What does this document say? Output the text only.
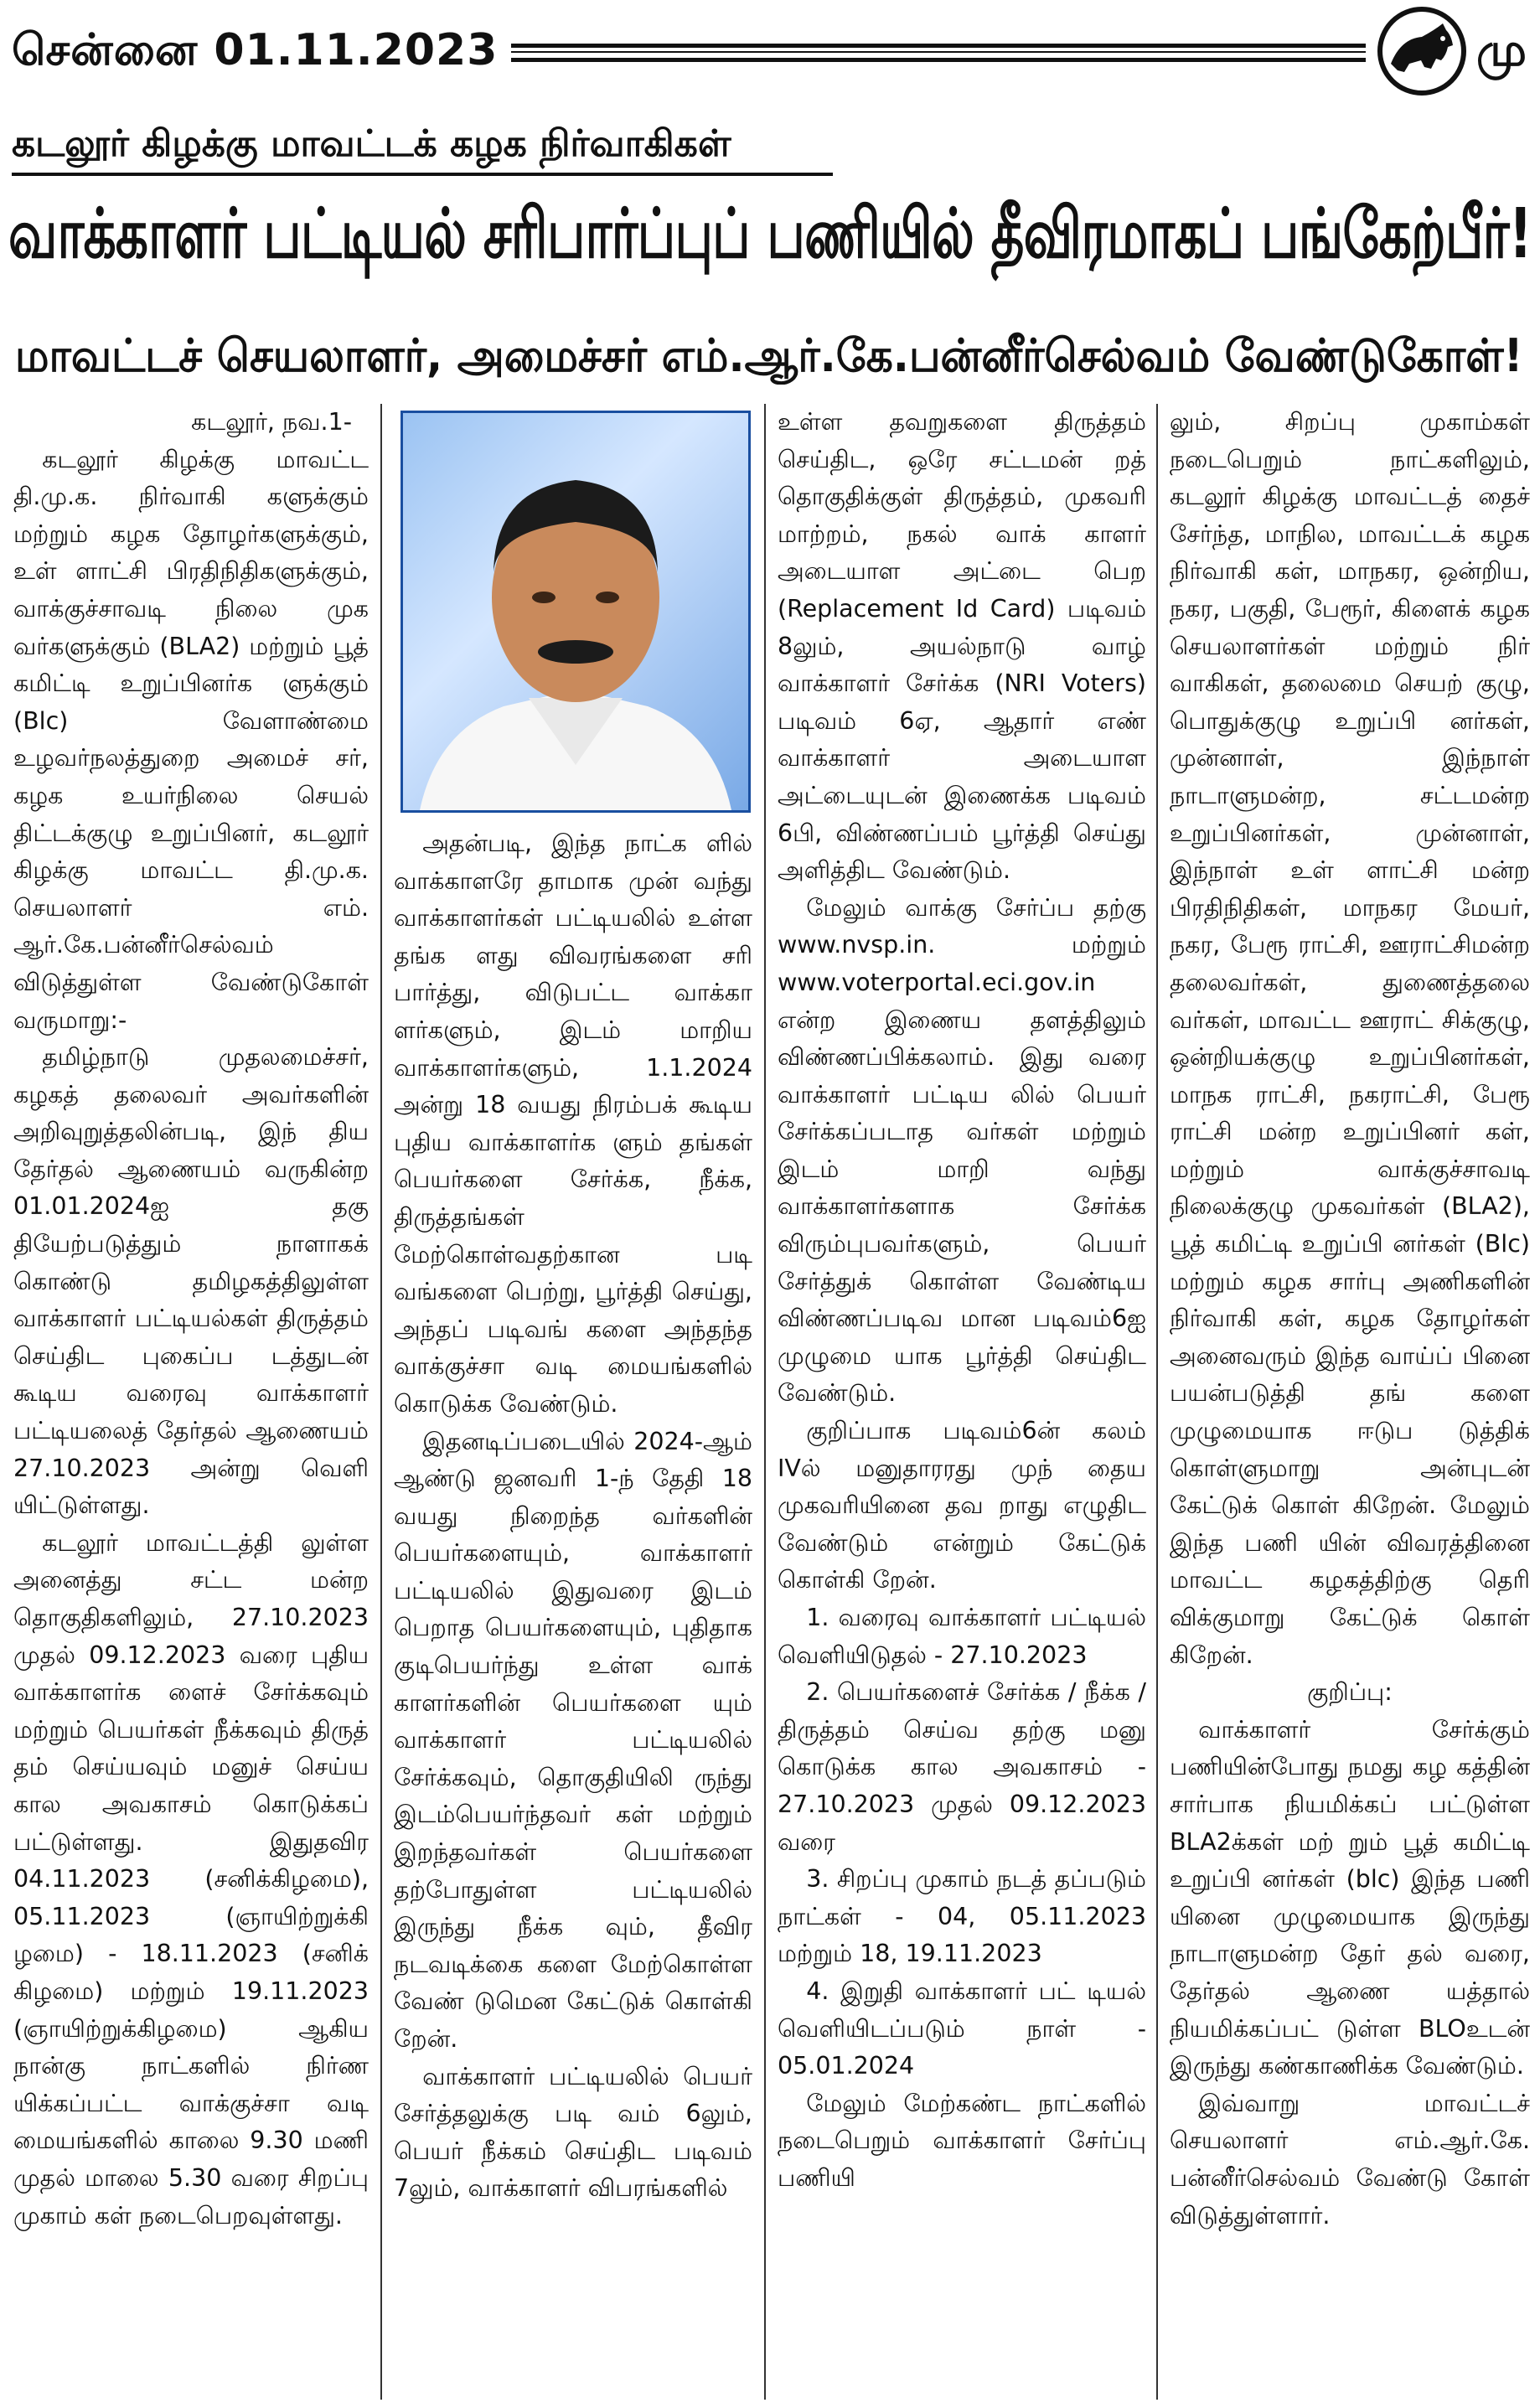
சென்னை 01.11.2023	மு
கடலூர் கிழக்கு மாவட்டக் கழக நிர்வாகிகள்
வாக்காளர் பட்டியல் சரிபார்ப்புப் பணியில் தீவிரமாகப் பங்கேற்பீர்!
மாவட்டச் செயலாளர், அமைச்சர் எம்.ஆர்.கே.பன்னீர்செல்வம் வேண்டுகோள்!

கடலூர், நவ.1-

கடலூர் கிழக்கு மாவட்ட தி.மு.க. நிர்வாகி களுக்கும் மற்றும் கழக தோழர்களுக்கும், உள் ளாட்சி பிரதிநிதிகளுக்கும், வாக்குச்சாவடி நிலை முக வர்களுக்கும் (BLA2) மற்றும் பூத் கமிட்டி உறுப்பினர்க ளுக்கும் (Blc) வேளாண்மை உழவர்நலத்துறை அமைச் சர், கழக உயர்நிலை செயல் திட்டக்குழு உறுப்பினர், கடலூர் கிழக்கு மாவட்ட தி.மு.க. செயலாளர் எம். ஆர்.கே.பன்னீர்செல்வம் விடுத்துள்ள வேண்டுகோள் வருமாறு:-

தமிழ்நாடு முதலமைச்சர், கழகத் தலைவர் அவர்களின் அறிவுறுத்தலின்படி, இந் திய தேர்தல் ஆணையம் வருகின்ற 01.01.2024ஐ தகு தியேற்படுத்தும் நாளாகக் கொண்டு தமிழகத்திலுள்ள வாக்காளர் பட்டியல்கள் திருத்தம் செய்திட புகைப்ப டத்துடன் கூடிய வரைவு வாக்காளர் பட்டியலைத் தேர்தல் ஆணையம் 27.10.2023 அன்று வெளி யிட்டுள்ளது.

கடலூர் மாவட்டத்தி லுள்ள அனைத்து சட்ட மன்ற தொகுதிகளிலும், 27.10.2023 முதல் 09.12.2023 வரை புதிய வாக்காளர்க ளைச் சேர்க்கவும் மற்றும் பெயர்கள் நீக்கவும் திருத் தம் செய்யவும் மனுச் செய்ய கால அவகாசம் கொடுக்கப் பட்டுள்ளது. இதுதவிர 04.11.2023 (சனிக்கிழமை), 05.11.2023 (ஞாயிற்றுக்கி ழமை) - 18.11.2023 (சனிக் கிழமை) மற்றும் 19.11.2023 (ஞாயிற்றுக்கிழமை) ஆகிய நான்கு நாட்களில் நிர்ண யிக்கப்பட்ட வாக்குச்சா வடி மையங்களில் காலை 9.30 மணி முதல் மாலை 5.30 வரை சிறப்பு முகாம் கள் நடைபெறவுள்ளது.

அதன்படி, இந்த நாட்க ளில் வாக்காளரே தாமாக முன் வந்து வாக்காளர்கள் பட்டியலில் உள்ள தங்க ளது விவரங்களை சரி பார்த்து, விடுபட்ட வாக்கா ளர்களும், இடம் மாறிய வாக்காளர்களும், 1.1.2024 அன்று 18 வயது நிரம்பக் கூடிய புதிய வாக்காளர்க ளும் தங்கள் பெயர்களை சேர்க்க, நீக்க, திருத்தங்கள் மேற்கொள்வதற்கான படி வங்களை பெற்று, பூர்த்தி செய்து, அந்தப் படிவங் களை அந்தந்த வாக்குச்சா வடி மையங்களில் கொடுக்க வேண்டும்.

இதனடிப்படையில் 2024-ஆம் ஆண்டு ஜனவரி 1-ந் தேதி 18 வயது நிறைந்த வர்களின் பெயர்களையும், வாக்காளர் பட்டியலில் இதுவரை இடம் பெறாத பெயர்களையும், புதிதாக குடிபெயர்ந்து உள்ள வாக் காளர்களின் பெயர்களை யும் வாக்காளர் பட்டியலில் சேர்க்கவும், தொகுதியிலி ருந்து இடம்பெயர்ந்தவர் கள் மற்றும் இறந்தவர்கள் பெயர்களை தற்போதுள்ள பட்டியலில் இருந்து நீக்க வும், தீவிர நடவடிக்கை களை மேற்கொள்ள வேண் டுமென கேட்டுக் கொள்கி றேன்.

வாக்காளர் பட்டியலில் பெயர் சேர்த்தலுக்கு படி வம் 6லும், பெயர் நீக்கம் செய்திட படிவம் 7லும், வாக்காளர் விபரங்களில்

உள்ள தவறுகளை திருத்தம் செய்திட, ஒரே சட்டமன் றத் தொகுதிக்குள் திருத்தம், முகவரி மாற்றம், நகல் வாக் காளர் அடையாள அட்டை பெற (Replacement Id Card) படிவம் 8லும், அயல்நாடு வாழ் வாக்காளர் சேர்க்க (NRI Voters) படிவம் 6ஏ, ஆதார் எண் வாக்காளர் அடையாள அட்டையுடன் இணைக்க படிவம் 6பி, விண்ணப்பம் பூர்த்தி செய்து அளித்திட வேண்டும்.

மேலும் வாக்கு சேர்ப்ப தற்கு www.nvsp.in. மற்றும் www.voterportal.eci.gov.in என்ற இணைய தளத்திலும் விண்ணப்பிக்கலாம். இது வரை வாக்காளர் பட்டிய லில் பெயர் சேர்க்கப்படாத வர்கள் மற்றும் இடம் மாறி வந்து வாக்காளர்களாக சேர்க்க விரும்புபவர்களும், பெயர் சேர்த்துக் கொள்ள வேண்டிய விண்ணப்படிவ மான படிவம்6ஐ முழுமை யாக பூர்த்தி செய்திட வேண்டும்.

குறிப்பாக படிவம்6ன் கலம் IVல் மனுதாரரது முந் தைய முகவரியினை தவ றாது எழுதிட வேண்டும் என்றும் கேட்டுக் கொள்கி றேன்.

1. வரைவு வாக்காளர் பட்டியல் வெளியிடுதல் - 27.10.2023

2. பெயர்களைச் சேர்க்க / நீக்க / திருத்தம் செய்வ தற்கு மனு கொடுக்க கால அவகாசம் - 27.10.2023 முதல் 09.12.2023 வரை

3. சிறப்பு முகாம் நடத் தப்படும் நாட்கள் - 04, 05.11.2023 மற்றும் 18, 19.11.2023

4. இறுதி வாக்காளர் பட் டியல் வெளியிடப்படும் நாள் - 05.01.2024

மேலும் மேற்கண்ட நாட்களில் நடைபெறும் வாக்காளர் சேர்ப்பு பணியி

லும், சிறப்பு முகாம்கள் நடைபெறும் நாட்களிலும், கடலூர் கிழக்கு மாவட்டத் தைச் சேர்ந்த, மாநில, மாவட்டக் கழக நிர்வாகி கள், மாநகர, ஒன்றிய, நகர, பகுதி, பேரூர், கிளைக் கழக செயலாளர்கள் மற்றும் நிர் வாகிகள், தலைமை செயற் குழு, பொதுக்குழு உறுப்பி னர்கள், முன்னாள், இந்நாள் நாடாளுமன்ற, சட்டமன்ற உறுப்பினர்கள், முன்னாள், இந்நாள் உள் ளாட்சி மன்ற பிரதிநிதிகள், மாநகர மேயர், நகர, பேரூ ராட்சி, ஊராட்சிமன்ற தலைவர்கள், துணைத்தலை வர்கள், மாவட்ட ஊராட் சிக்குழு, ஒன்றியக்குழு உறுப்பினர்கள், மாநக ராட்சி, நகராட்சி, பேரூ ராட்சி மன்ற உறுப்பினர் கள், மற்றும் வாக்குச்சாவடி நிலைக்குழு முகவர்கள் (BLA2), பூத் கமிட்டி உறுப்பி னர்கள் (Blc) மற்றும் கழக சார்பு அணிகளின் நிர்வாகி கள், கழக தோழர்கள் அனைவரும் இந்த வாய்ப் பினை பயன்படுத்தி தங் களை முழுமையாக ஈடுப டுத்திக் கொள்ளுமாறு அன்புடன் கேட்டுக் கொள் கிறேன். மேலும் இந்த பணி யின் விவரத்தினை மாவட்ட கழகத்திற்கு தெரி விக்குமாறு கேட்டுக் கொள் கிறேன்.

குறிப்பு:

வாக்காளர் சேர்க்கும் பணியின்போது நமது கழ கத்தின் சார்பாக நியமிக்கப் பட்டுள்ள BLA2க்கள் மற் றும் பூத் கமிட்டி உறுப்பி னர்கள் (blc) இந்த பணி யினை முழுமையாக இருந்து நாடாளுமன்ற தேர் தல் வரை, தேர்தல் ஆணை யத்தால் நியமிக்கப்பட் டுள்ள BLOஉடன் இருந்து கண்காணிக்க வேண்டும்.

இவ்வாறு மாவட்டச் செயலாளர் எம்.ஆர்.கே. பன்னீர்செல்வம் வேண்டு கோள் விடுத்துள்ளார்.
